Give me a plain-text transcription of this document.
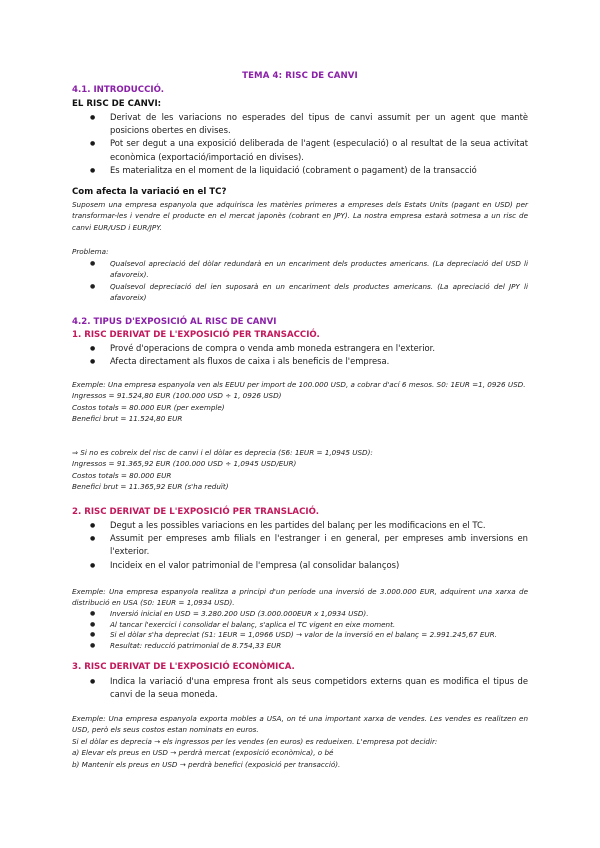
TEMA 4: RISC DE CANVI
4.1. INTRODUCCIÓ.
EL RISC DE CANVI:
● Derivat de les variacions no esperades del tipus de canvi assumit per un agent que mantè posicions obertes en divises.
● Pot ser degut a una exposició deliberada de l'agent (especulació) o al resultat de la seua activitat econòmica (exportació/importació en divises).
● Es materialitza en el moment de la liquidació (cobrament o pagament) de la transacció
Com afecta la variació en el TC?
Suposem una empresa espanyola que adquirisca les matèries primeres a empreses dels Estats Units (pagant en USD) per transformar-les i vendre el producte en el mercat japonès (cobrant en JPY). La nostra empresa estarà sotmesa a un risc de canvi EUR/USD i EUR/JPY.
Problema:
● Qualsevol apreciació del dòlar redundarà en un encariment dels productes americans. (La depreciació del USD li afavoreix).
● Qualsevol depreciació del ien suposarà en un encariment dels productes americans. (La apreciació del JPY li afavoreix)
4.2. TIPUS D'EXPOSICIÓ AL RISC DE CANVI
1. RISC DERIVAT DE L'EXPOSICIÓ PER TRANSACCIÓ.
● Prové d'operacions de compra o venda amb moneda estrangera en l'exterior.
● Afecta directament als fluxos de caixa i als beneficis de l'empresa.
Exemple: Una empresa espanyola ven als EEUU per import de 100.000 USD, a cobrar d'ací 6 mesos. S0: 1EUR =1, 0926 USD.
Ingressos = 91.524,80 EUR (100.000 USD ÷ 1, 0926 USD)
Costos totals = 80.000 EUR (per exemple)
Benefici brut = 11.524,80 EUR
⇒ Si no es cobreix del risc de canvi i el dòlar es deprecia (S6: 1EUR = 1,0945 USD):
Ingressos = 91.365,92 EUR (100.000 USD ÷ 1,0945 USD/EUR)
Costos totals = 80.000 EUR
Benefici brut = 11.365,92 EUR (s'ha reduït)
2. RISC DERIVAT DE L'EXPOSICIÓ PER TRANSLACIÓ.
● Degut a les possibles variacions en les partides del balanç per les modificacions en el TC.
● Assumit per empreses amb filials en l'estranger i en general, per empreses amb inversions en l'exterior.
● Incideix en el valor patrimonial de l'empresa (al consolidar balanços)
Exemple: Una empresa espanyola realitza a principi d'un període una inversió de 3.000.000 EUR, adquirent una xarxa de distribució en USA (S0: 1EUR = 1,0934 USD).
● Inversió inicial en USD = 3.280.200 USD (3.000.000EUR x 1,0934 USD).
● Al tancar l'exercici i consolidar el balanç, s'aplica el TC vigent en eixe moment.
● Si el dòlar s'ha depreciat (S1: 1EUR = 1,0966 USD) → valor de la inversió en el balanç = 2.991.245,67 EUR.
● Resultat: reducció patrimonial de 8.754,33 EUR
3. RISC DERIVAT DE L'EXPOSICIÓ ECONÒMICA.
● Indica la variació d'una empresa front als seus competidors externs quan es modifica el tipus de canvi de la seua moneda.
Exemple: Una empresa espanyola exporta mobles a USA, on té una important xarxa de vendes. Les vendes es realitzen en USD, però els seus costos estan nominats en euros.
Si el dòlar es deprecia → els ingressos per les vendes (en euros) es redueixen. L'empresa pot decidir:
a) Elevar els preus en USD → perdrà mercat (exposició econòmica), o bé
b) Mantenir els preus en USD → perdrà benefici (exposició per transacció).
